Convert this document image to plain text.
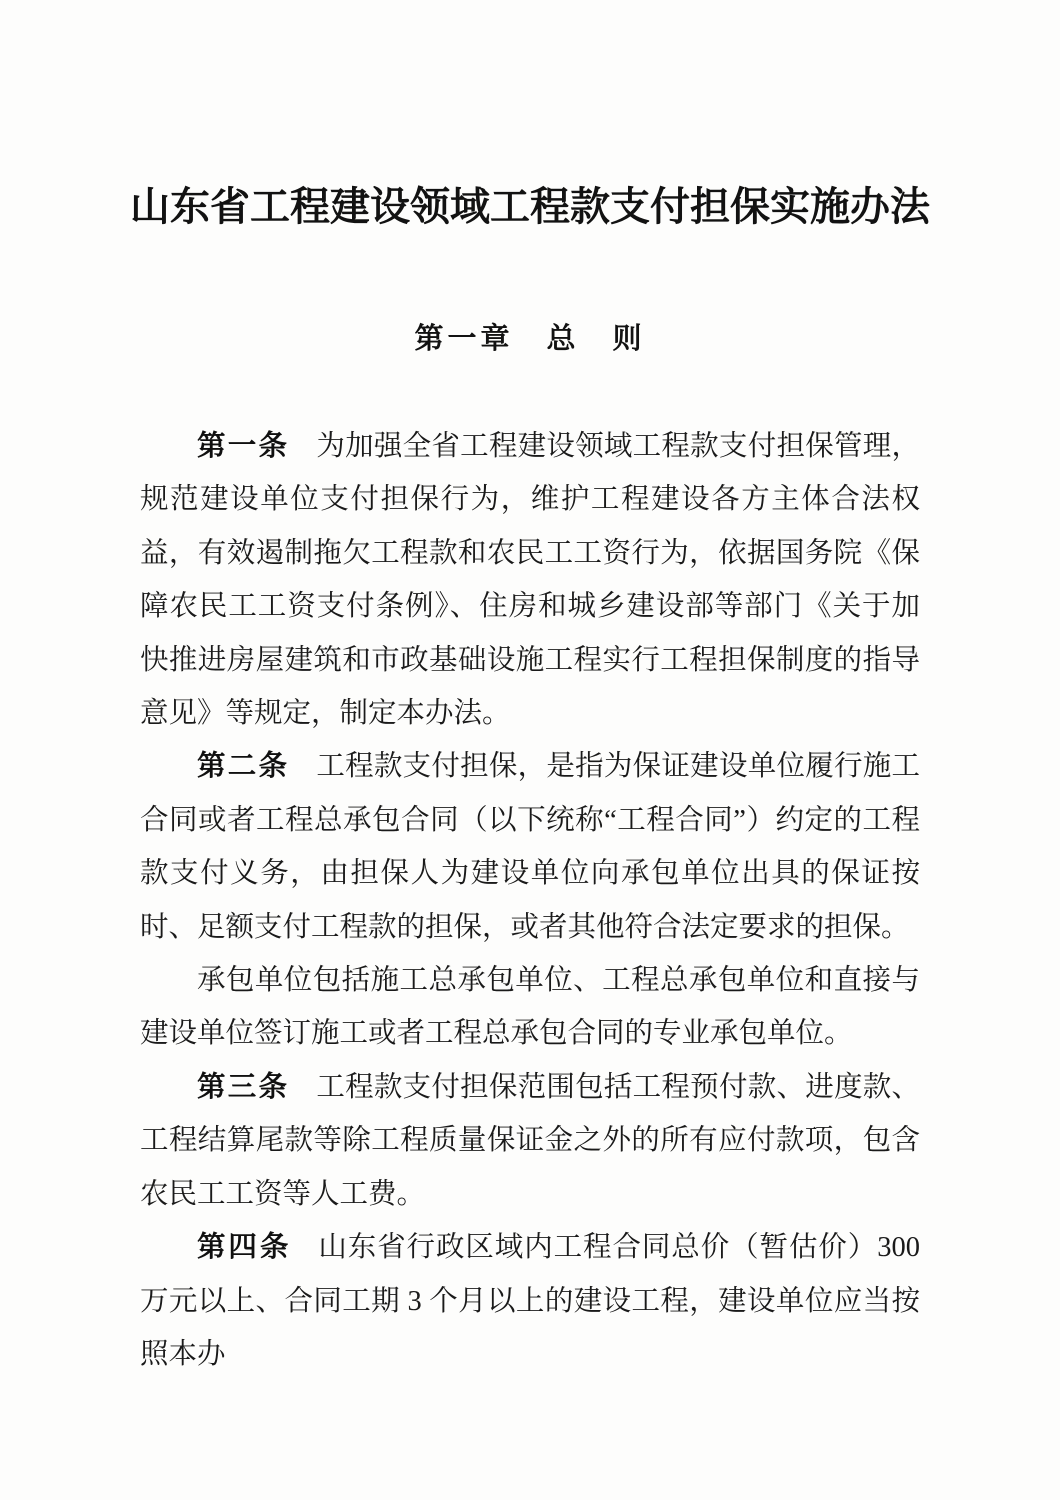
山东省工程建设领域工程款支付担保实施办法
第一章　总　则

第一条 为加强全省工程建设领域工程款支付担保管理，规范建设单位支付担保行为，维护工程建设各方主体合法权益，有效遏制拖欠工程款和农民工工资行为，依据国务院《保障农民工工资支付条例》、住房和城乡建设部等部门《关于加快推进房屋建筑和市政基础设施工程实行工程担保制度的指导意见》等规定，制定本办法。

第二条 工程款支付担保，是指为保证建设单位履行施工合同或者工程总承包合同（以下统称“工程合同”）约定的工程款支付义务，由担保人为建设单位向承包单位出具的保证按时、足额支付工程款的担保，或者其他符合法定要求的担保。

承包单位包括施工总承包单位、工程总承包单位和直接与建设单位签订施工或者工程总承包合同的专业承包单位。

第三条 工程款支付担保范围包括工程预付款、进度款、工程结算尾款等除工程质量保证金之外的所有应付款项，包含农民工工资等人工费。

第四条 山东省行政区域内工程合同总价（暂估价）300 万元以上、合同工期 3 个月以上的建设工程，建设单位应当按照本办
